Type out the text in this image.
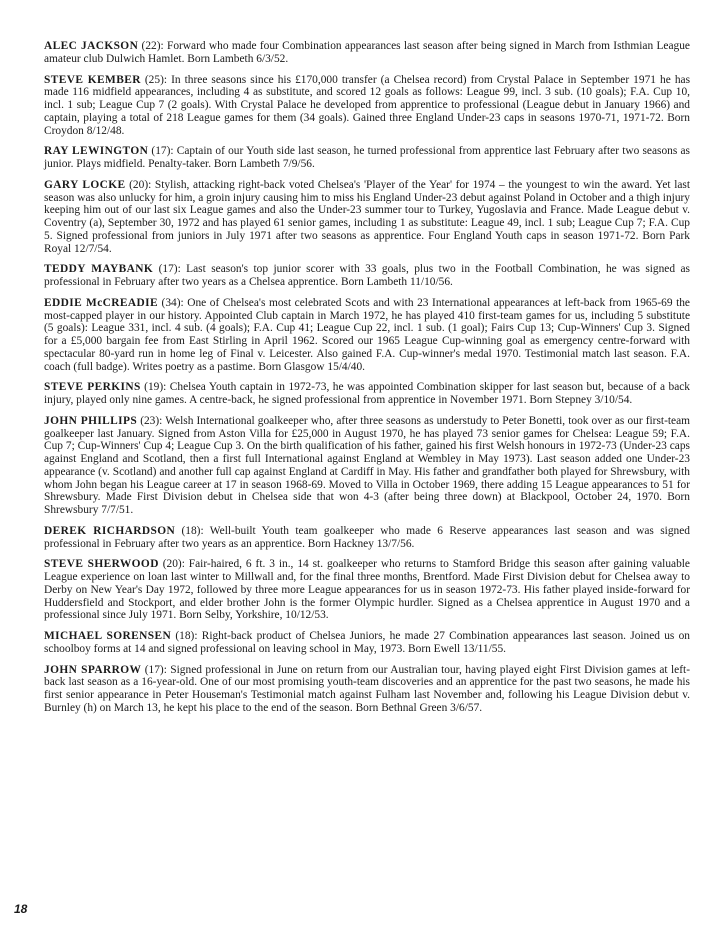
ALEC JACKSON (22): Forward who made four Combination appearances last season after being signed in March from Isthmian League amateur club Dulwich Hamlet. Born Lambeth 6/3/52.

STEVE KEMBER (25): In three seasons since his £170,000 transfer (a Chelsea record) from Crystal Palace in September 1971 he has made 116 midfield appearances, including 4 as substitute, and scored 12 goals as follows: League 99, incl. 3 sub. (10 goals); F.A. Cup 10, incl. 1 sub; League Cup 7 (2 goals). With Crystal Palace he developed from apprentice to professional (League debut in January 1966) and captain, playing a total of 218 League games for them (34 goals). Gained three England Under-23 caps in seasons 1970-71, 1971-72. Born Croydon 8/12/48.

RAY LEWINGTON (17): Captain of our Youth side last season, he turned professional from apprentice last February after two seasons as junior. Plays midfield. Penalty-taker. Born Lambeth 7/9/56.

GARY LOCKE (20): Stylish, attacking right-back voted Chelsea's 'Player of the Year' for 1974 – the youngest to win the award. Yet last season was also unlucky for him, a groin injury causing him to miss his England Under-23 debut against Poland in October and a thigh injury keeping him out of our last six League games and also the Under-23 summer tour to Turkey, Yugoslavia and France. Made League debut v. Coventry (a), September 30, 1972 and has played 61 senior games, including 1 as substitute: League 49, incl. 1 sub; League Cup 7; F.A. Cup 5. Signed professional from juniors in July 1971 after two seasons as apprentice. Four England Youth caps in season 1971-72. Born Park Royal 12/7/54.

TEDDY MAYBANK (17): Last season's top junior scorer with 33 goals, plus two in the Football Combination, he was signed as professional in February after two years as a Chelsea apprentice. Born Lambeth 11/10/56.

EDDIE McCREADIE (34): One of Chelsea's most celebrated Scots and with 23 International appearances at left-back from 1965-69 the most-capped player in our history. Appointed Club captain in March 1972, he has played 410 first-team games for us, including 5 substitute (5 goals): League 331, incl. 4 sub. (4 goals); F.A. Cup 41; League Cup 22, incl. 1 sub. (1 goal); Fairs Cup 13; Cup-Winners' Cup 3. Signed for a £5,000 bargain fee from East Stirling in April 1962. Scored our 1965 League Cup-winning goal as emergency centre-forward with spectacular 80-yard run in home leg of Final v. Leicester. Also gained F.A. Cup-winner's medal 1970. Testimonial match last season. F.A. coach (full badge). Writes poetry as a pastime. Born Glasgow 15/4/40.

STEVE PERKINS (19): Chelsea Youth captain in 1972-73, he was appointed Combination skipper for last season but, because of a back injury, played only nine games. A centre-back, he signed professional from apprentice in November 1971. Born Stepney 3/10/54.

JOHN PHILLIPS (23): Welsh International goalkeeper who, after three seasons as understudy to Peter Bonetti, took over as our first-team goalkeeper last January. Signed from Aston Villa for £25,000 in August 1970, he has played 73 senior games for Chelsea: League 59; F.A. Cup 7; Cup-Winners' Cup 4; League Cup 3. On the birth qualification of his father, gained his first Welsh honours in 1972-73 (Under-23 caps against England and Scotland, then a first full International against England at Wembley in May 1973). Last season added one Under-23 appearance (v. Scotland) and another full cap against England at Cardiff in May. His father and grandfather both played for Shrewsbury, with whom John began his League career at 17 in season 1968-69. Moved to Villa in October 1969, there adding 15 League appearances to 51 for Shrewsbury. Made First Division debut in Chelsea side that won 4-3 (after being three down) at Blackpool, October 24, 1970. Born Shrewsbury 7/7/51.

DEREK RICHARDSON (18): Well-built Youth team goalkeeper who made 6 Reserve appearances last season and was signed professional in February after two years as an apprentice. Born Hackney 13/7/56.

STEVE SHERWOOD (20): Fair-haired, 6 ft. 3 in., 14 st. goalkeeper who returns to Stamford Bridge this season after gaining valuable League experience on loan last winter to Millwall and, for the final three months, Brentford. Made First Division debut for Chelsea away to Derby on New Year's Day 1972, followed by three more League appearances for us in season 1972-73. His father played inside-forward for Huddersfield and Stockport, and elder brother John is the former Olympic hurdler. Signed as a Chelsea apprentice in August 1970 and a professional since July 1971. Born Selby, Yorkshire, 10/12/53.

MICHAEL SORENSEN (18): Right-back product of Chelsea Juniors, he made 27 Combination appearances last season. Joined us on schoolboy forms at 14 and signed professional on leaving school in May, 1973. Born Ewell 13/11/55.

JOHN SPARROW (17): Signed professional in June on return from our Australian tour, having played eight First Division games at left-back last season as a 16-year-old. One of our most promising youth-team discoveries and an apprentice for the past two seasons, he made his first senior appearance in Peter Houseman's Testimonial match against Fulham last November and, following his League Division debut v. Burnley (h) on March 13, he kept his place to the end of the season. Born Bethnal Green 3/6/57.

18
